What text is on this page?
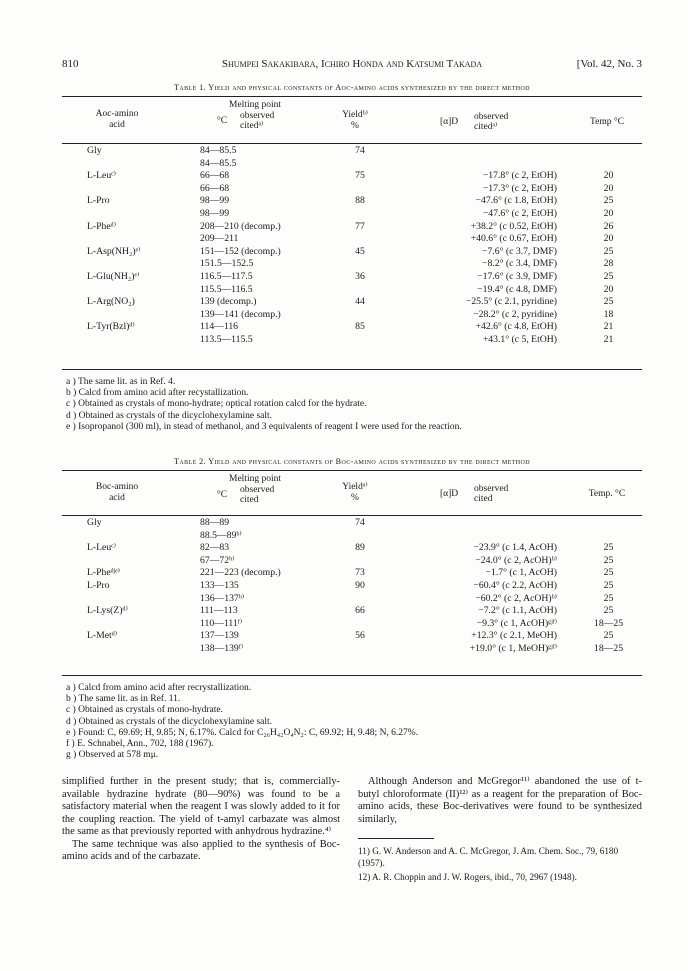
810	Shumpei Sakakibara, Ichiro Honda and Katsumi Takada	[Vol. 42, No. 3
Table 1. Yield and physical constants of Aoc-amino acids synthesized by the direct method
Aoc-amino
acid
Melting point
°C observed
citedᵃ⁾
Yieldᵇ⁾
%	[α]D observed
citedᵃ⁾	Temp °C
Gly	84—85.5	74		
	84—85.5			
L-Leuᶜ⁾	66—68	75	−17.8° (c 2, EtOH)	20
	66—68		−17.3° (c 2, EtOH)	20
L-Pro	98—99	88	−47.6° (c 1.8, EtOH)	25
	98—99		−47.6° (c 2, EtOH)	20
L-Pheᵈ⁾	208—210 (decomp.)	77	+38.2° (c 0.52, EtOH)	26
	209—211		+40.6° (c 0.67, EtOH)	20
L-Asp(NH₂)ᵉ⁾	151—152 (decomp.)	45	−7.6° (c 3.7, DMF)	25
	151.5—152.5		−8.2° (c 3.4, DMF)	28
L-Glu(NH₂)ᵉ⁾	116.5—117.5	36	−17.6° (c 3.9, DMF)	25
	115.5—116.5		−19.4° (c 4.8, DMF)	20
L-Arg(NO₂)	139 (decomp.)	44	−25.5° (c 2.1, pyridine)	25
	139—141 (decomp.)		−28.2° (c 2, pyridine)	18
L-Tyr(Bzl)ᵈ⁾	114—116	85	+42.6° (c 4.8, EtOH)	21
	113.5—115.5		+43.1° (c 5, EtOH)	21
a ) The same lit. as in Ref. 4.
b ) Calcd from amino acid after recystallization.
c ) Obtained as crystals of mono-hydrate; optical rotation calcd for the hydrate.
d ) Obtained as crystals of the dicyclohexylamine salt.
e ) Isopropanol (300 ml), in stead of methanol, and 3 equivalents of reagent I were used for the reaction.
Table 2. Yield and physical constants of Boc-amino acids synthesized by the direct method
Boc-amino
acid
Melting point
°C observed
cited
Yieldᵃ⁾
%	[α]D observed
cited	Temp. °C
Gly	88—89	74		
	88.5—89ᵇ⁾			
L-Leuᶜ⁾	82—83	89	−23.9° (c 1.4, AcOH)	25
	67—72ᵇ⁾		−24.0° (c 2, AcOH)ᵇ⁾	25
L-Pheᵈʲᵉ⁾	221—223 (decomp.)	73	−1.7° (c 1, AcOH)	25
L-Pro	133—135	90	−60.4° (c 2.2, AcOH)	25
	136—137ᵇ⁾		−60.2° (c 2, AcOH)ᵇ⁾	25
L-Lys(Z)ᵈ⁾	111—113	66	−7.2° (c 1.1, AcOH)	25
	110—111ᶠ⁾		−9.3° (c 1, AcOH)ᵍʲᶠ⁾	18—25
L-Metᵈ⁾	137—139	56	+12.3° (c 2.1, MeOH)	25
	138—139ᶠ⁾		+19.0° (c 1, MeOH)ᵍʲᶠ⁾	18—25
a ) Calcd from amino acid after recrystallization.
b ) The same lit. as in Ref. 11.
c ) Obtained as crystals of mono-hydrate.
d ) Obtained as crystals of the dicyclohexylamine salt.
e ) Found: C, 69.69; H, 9.85; N, 6.17%. Calcd for C₂₆H₄₂O₄N₂: C, 69.92; H, 9.48; N, 6.27%.
f ) E. Schnabel, Ann., 702, 188 (1967).
g ) Observed at 578 mμ.

simplified further in the present study; that is, commercially-available hydrazine hydrate (80—90%) was found to be a satisfactory material when the reagent I was slowly added to it for the coupling reaction. The yield of t-amyl carbazate was almost the same as that previously reported with anhydrous hydrazine.⁴⁾

The same technique was also applied to the synthesis of Boc-amino acids and of the carbazate.

Although Anderson and McGregor¹¹⁾ abandoned the use of t-butyl chloroformate (II)¹²⁾ as a reagent for the preparation of Boc-amino acids, these Boc-derivatives were found to be synthesized similarly,

11) G. W. Anderson and A. C. McGregor, J. Am. Chem. Soc., 79, 6180 (1957).
12) A. R. Choppin and J. W. Rogers, ibid., 70, 2967 (1948).
